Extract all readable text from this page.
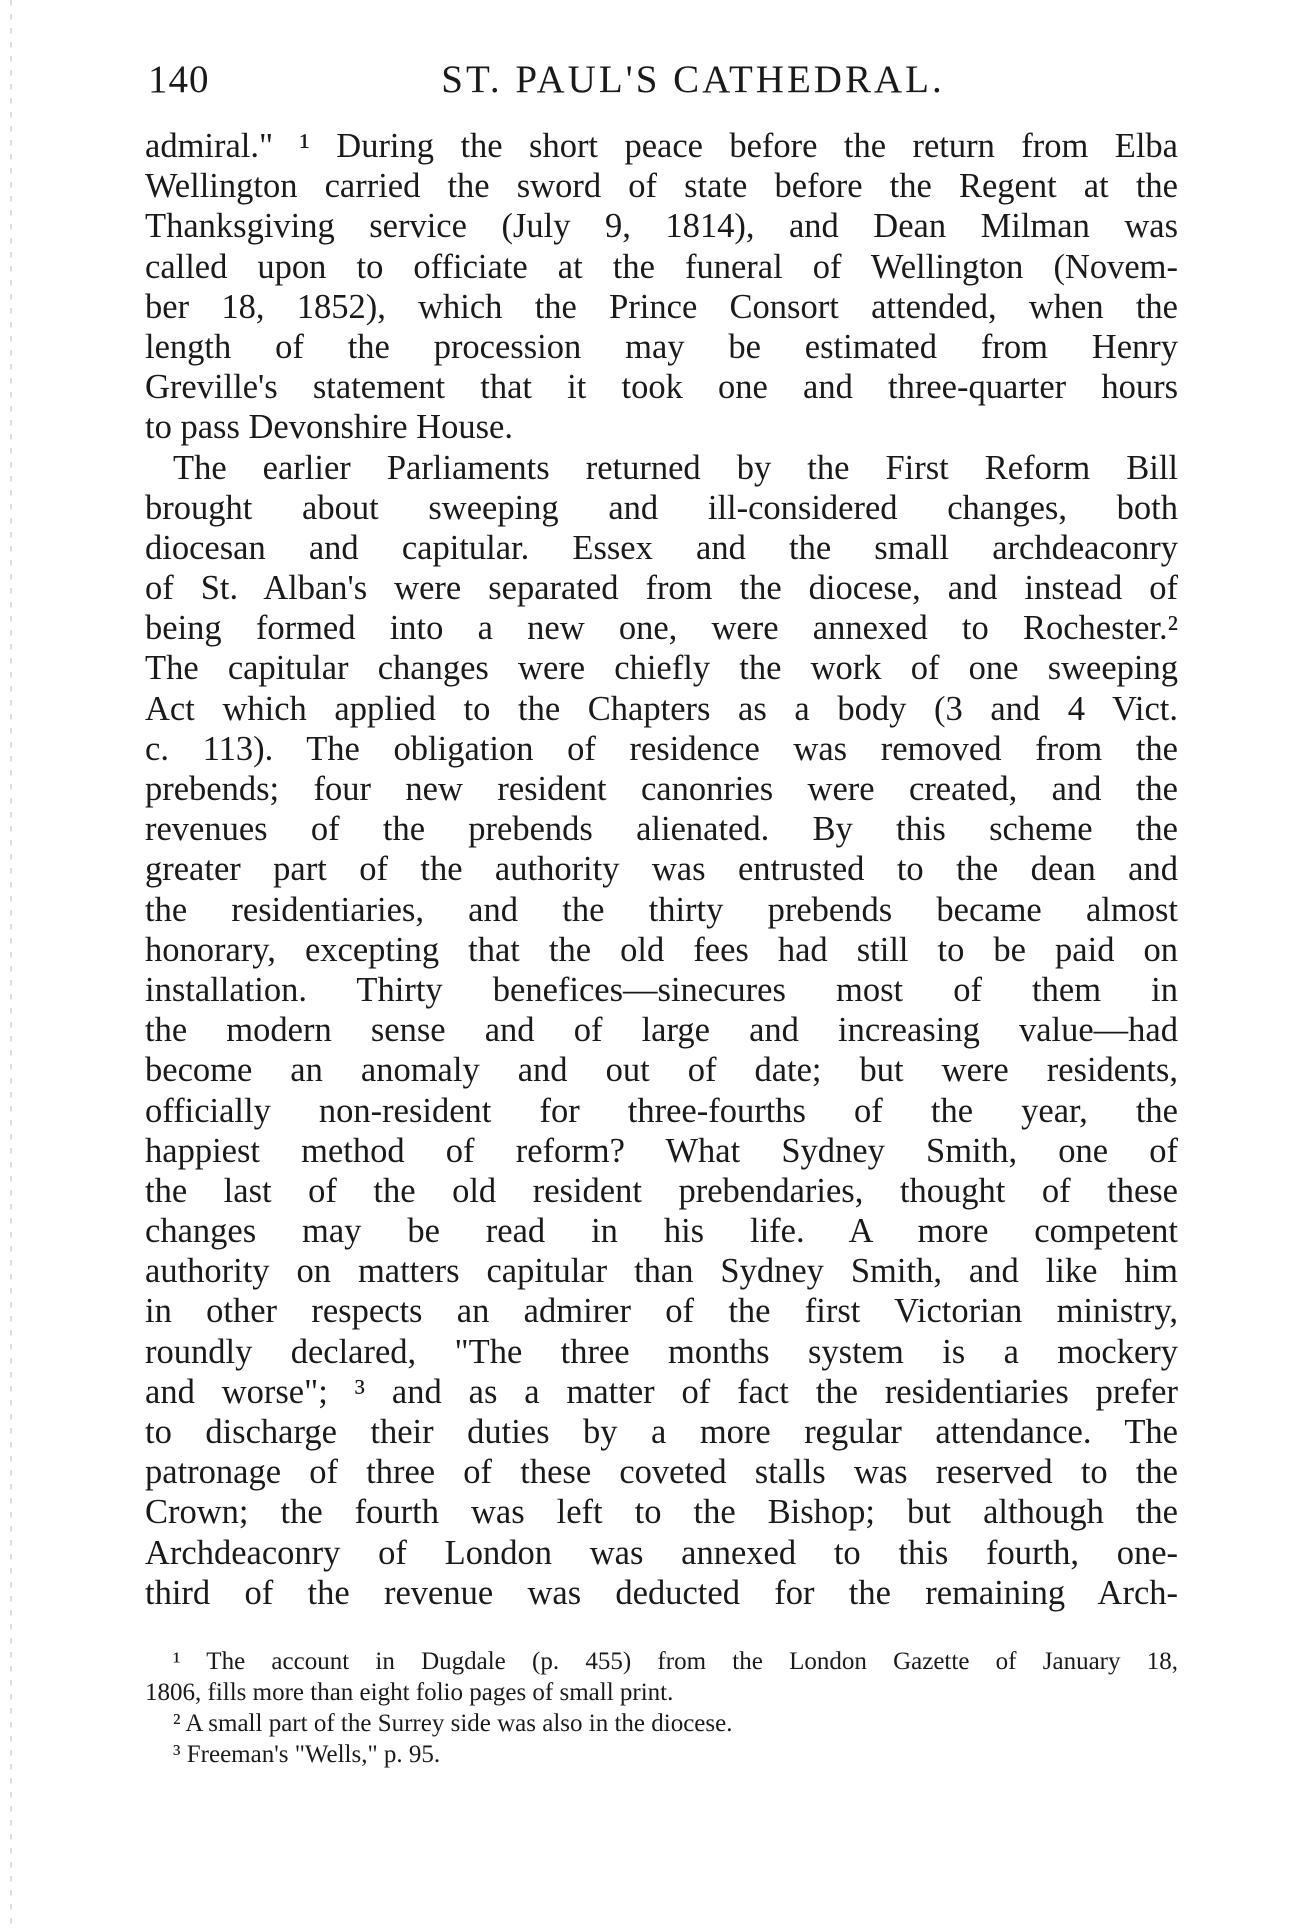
140	ST. PAUL'S CATHEDRAL.
admiral." ¹ During the short peace before the return from Elba
Wellington carried the sword of state before the Regent at the
Thanksgiving service (July 9, 1814), and Dean Milman was
called upon to officiate at the funeral of Wellington (Novem-
ber 18, 1852), which the Prince Consort attended, when the
length of the procession may be estimated from Henry
Greville's statement that it took one and three-quarter hours
to pass Devonshire House.
The earlier Parliaments returned by the First Reform Bill
brought about sweeping and ill-considered changes, both
diocesan and capitular. Essex and the small archdeaconry
of St. Alban's were separated from the diocese, and instead of
being formed into a new one, were annexed to Rochester.²
The capitular changes were chiefly the work of one sweeping
Act which applied to the Chapters as a body (3 and 4 Vict.
c. 113). The obligation of residence was removed from the
prebends; four new resident canonries were created, and the
revenues of the prebends alienated. By this scheme the
greater part of the authority was entrusted to the dean and
the residentiaries, and the thirty prebends became almost
honorary, excepting that the old fees had still to be paid on
installation. Thirty benefices—sinecures most of them in
the modern sense and of large and increasing value—had
become an anomaly and out of date; but were residents,
officially non-resident for three-fourths of the year, the
happiest method of reform? What Sydney Smith, one of
the last of the old resident prebendaries, thought of these
changes may be read in his life. A more competent
authority on matters capitular than Sydney Smith, and like him
in other respects an admirer of the first Victorian ministry,
roundly declared, "The three months system is a mockery
and worse"; ³ and as a matter of fact the residentiaries prefer
to discharge their duties by a more regular attendance. The
patronage of three of these coveted stalls was reserved to the
Crown; the fourth was left to the Bishop; but although the
Archdeaconry of London was annexed to this fourth, one-
third of the revenue was deducted for the remaining Arch-
¹ The account in Dugdale (p. 455) from the London Gazette of January 18,
1806, fills more than eight folio pages of small print.
² A small part of the Surrey side was also in the diocese.
³ Freeman's "Wells," p. 95.
